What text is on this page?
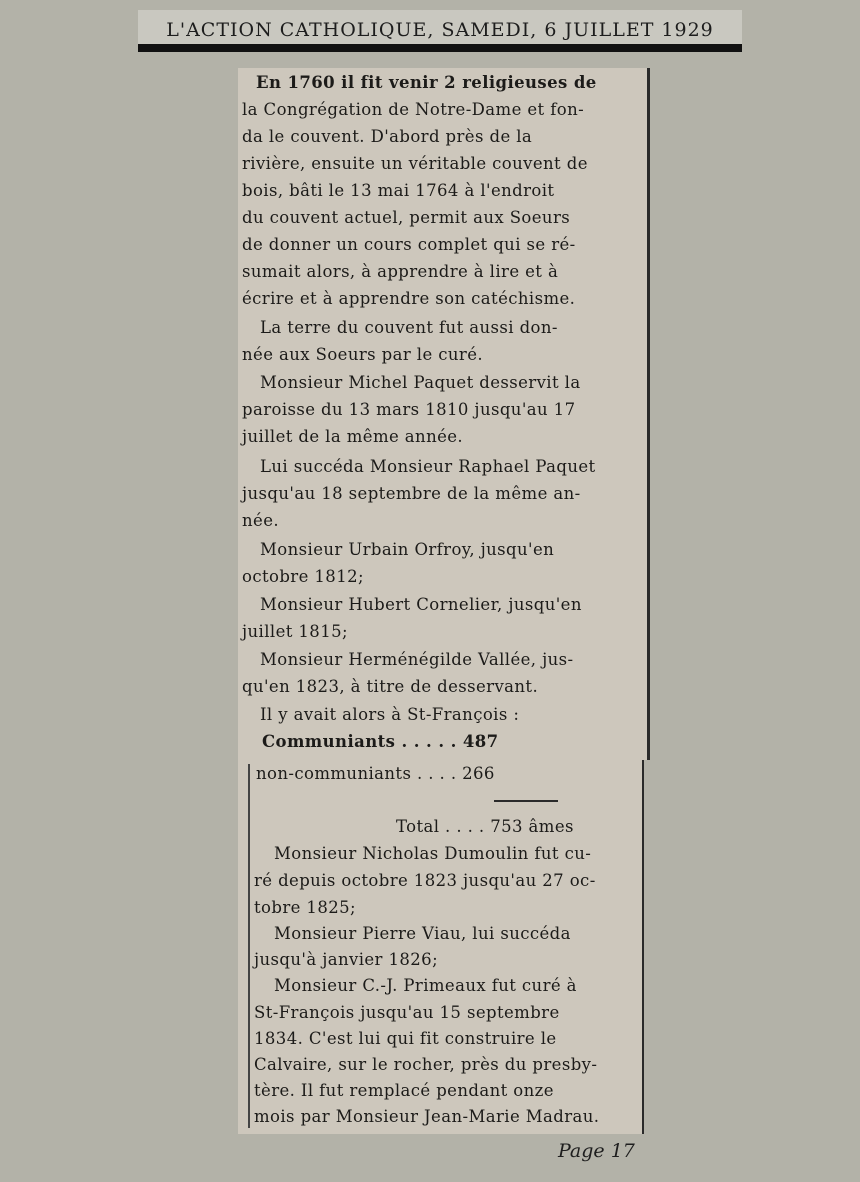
L'ACTION CATHOLIQUE, SAMEDI, 6 JUILLET 1929
En 1760 il fit venir 2 religieuses de
la Congrégation de Notre-Dame et fon-
da le couvent. D'abord près de la
rivière, ensuite un véritable couvent de
bois, bâti le 13 mai 1764 à l'endroit
du couvent actuel, permit aux Soeurs
de donner un cours complet qui se ré-
sumait alors, à apprendre à lire et à
écrire et à apprendre son catéchisme.
La terre du couvent fut aussi don-
née aux Soeurs par le curé.
Monsieur Michel Paquet desservit la
paroisse du 13 mars 1810 jusqu'au 17
juillet de la même année.
Lui succéda Monsieur Raphael Paquet
jusqu'au 18 septembre de la même an-
née.
Monsieur Urbain Orfroy, jusqu'en
octobre 1812;
Monsieur Hubert Cornelier, jusqu'en
juillet 1815;
Monsieur Herménégilde Vallée, jus-
qu'en 1823, à titre de desservant.
Il y avait alors à St-François :
Communiants . . . . . 487
non-communiants . . . . 266
Total . . . . 753 âmes
Monsieur Nicholas Dumoulin fut cu-
ré depuis octobre 1823 jusqu'au 27 oc-
tobre 1825;
Monsieur Pierre Viau, lui succéda
jusqu'à janvier 1826;
Monsieur C.-J. Primeaux fut curé à
St-François jusqu'au 15 septembre
1834. C'est lui qui fit construire le
Calvaire, sur le rocher, près du presby-
tère. Il fut remplacé pendant onze
mois par Monsieur Jean-Marie Madrau.
Page 17
